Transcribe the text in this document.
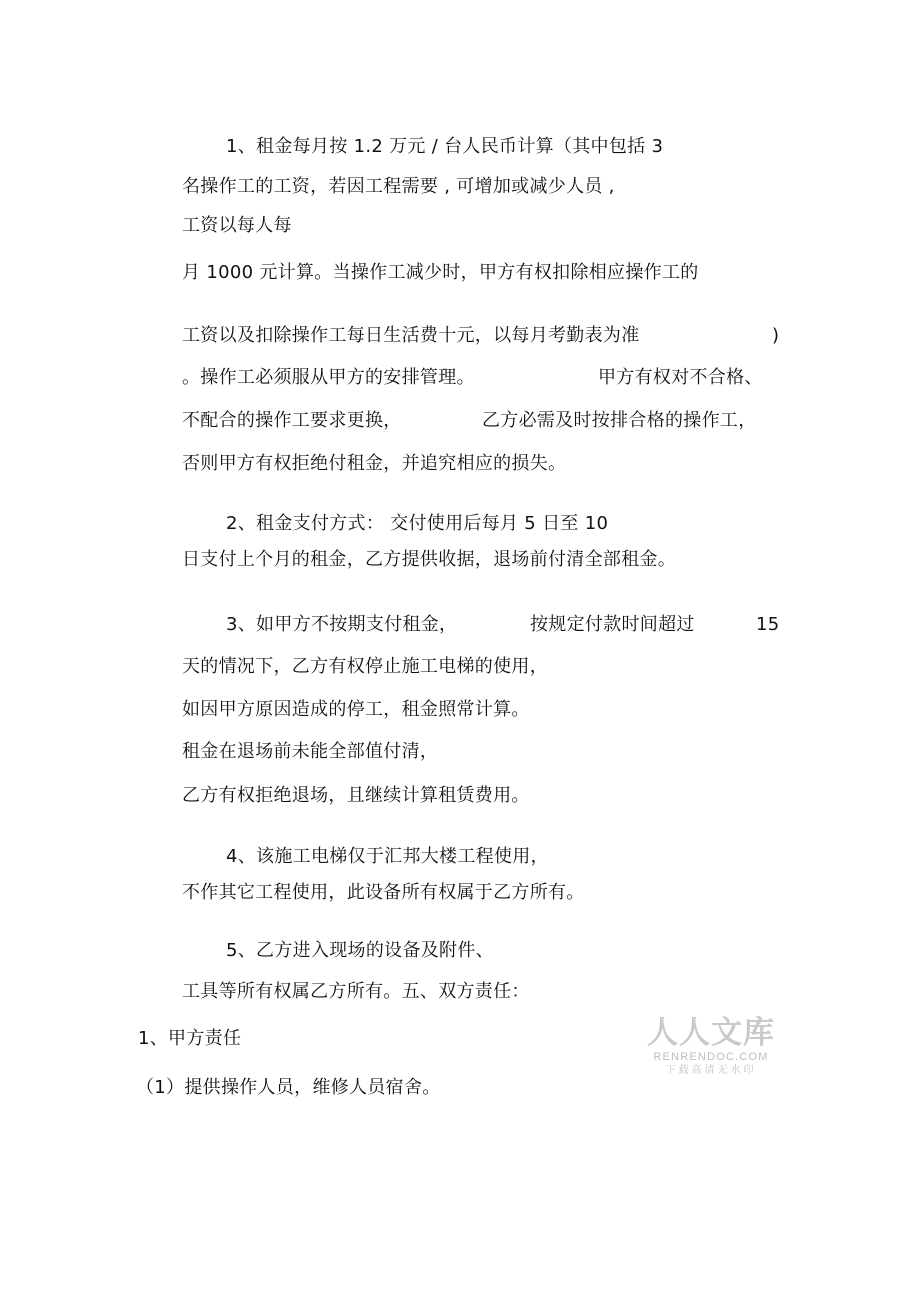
1、租金每月按 1.2 万元 / 台人民币计算（其中包括 3
名操作工的工资，若因工程需要 , 可增加或减少人员 ,
工资以每人每
月 1000 元计算。当操作工减少时，甲方有权扣除相应操作工的
工资以及扣除操作工每日生活费十元，以每月考勤表为准	)
。操作工必须服从甲方的安排管理。	甲方有权对不合格、
不配合的操作工要求更换，	乙方必需及时按排合格的操作工，
否则甲方有权拒绝付租金，并追究相应的损失。
2、租金支付方式： 交付使用后每月 5 日至 10
日支付上个月的租金，乙方提供收据，退场前付清全部租金。
3、如甲方不按期支付租金，	按规定付款时间超过	15
天的情况下，乙方有权停止施工电梯的使用，
如因甲方原因造成的停工，租金照常计算。
租金在退场前未能全部值付清，
乙方有权拒绝退场，且继续计算租赁费用。
4、该施工电梯仅于汇邦大楼工程使用，
不作其它工程使用，此设备所有权属于乙方所有。
5、乙方进入现场的设备及附件、
工具等所有权属乙方所有。五、双方责任：
1、甲方责任
（1）提供操作人员，维修人员宿舍。
人人文库
RENRENDOC.COM
下载高清无水印
